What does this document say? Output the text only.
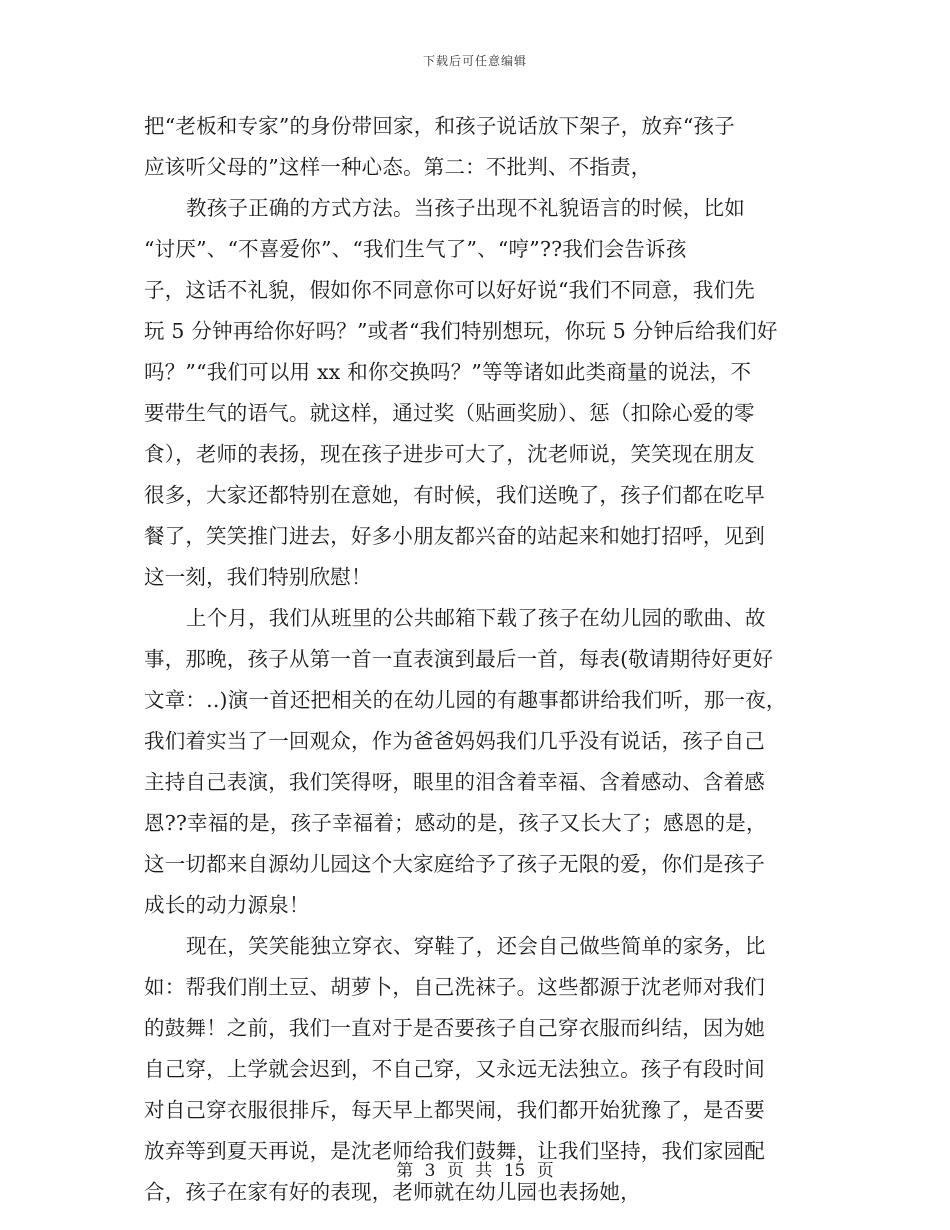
下载后可任意编辑
把“老板和专家”的身份带回家，和孩子说话放下架子，放弃“孩子
应该听父母的”这样一种心态。第二：不批判、不指责，
教孩子正确的方式方法。当孩子出现不礼貌语言的时候，比如
“讨厌”、“不喜爱你”、“我们生气了”、“哼”??我们会告诉孩
子，这话不礼貌，假如你不同意你可以好好说“我们不同意，我们先
玩 5 分钟再给你好吗？”或者“我们特别想玩，你玩 5 分钟后给我们好
吗？”“我们可以用 xx 和你交换吗？”等等诸如此类商量的说法，不
要带生气的语气。就这样，通过奖（贴画奖励）、惩（扣除心爱的零
食），老师的表扬，现在孩子进步可大了，沈老师说，笑笑现在朋友
很多，大家还都特别在意她，有时候，我们送晚了，孩子们都在吃早
餐了，笑笑推门进去，好多小朋友都兴奋的站起来和她打招呼，见到
这一刻，我们特别欣慰！
上个月，我们从班里的公共邮箱下载了孩子在幼儿园的歌曲、故
事，那晚，孩子从第一首一直表演到最后一首，每表(敬请期待好更好
文章：..)演一首还把相关的在幼儿园的有趣事都讲给我们听，那一夜，
我们着实当了一回观众，作为爸爸妈妈我们几乎没有说话，孩子自己
主持自己表演，我们笑得呀，眼里的泪含着幸福、含着感动、含着感
恩??幸福的是，孩子幸福着；感动的是，孩子又长大了；感恩的是，
这一切都来自源幼儿园这个大家庭给予了孩子无限的爱，你们是孩子
成长的动力源泉！
现在，笑笑能独立穿衣、穿鞋了，还会自己做些简单的家务，比
如：帮我们削土豆、胡萝卜，自己洗袜子。这些都源于沈老师对我们
的鼓舞！之前，我们一直对于是否要孩子自己穿衣服而纠结，因为她
自己穿，上学就会迟到，不自己穿，又永远无法独立。孩子有段时间
对自己穿衣服很排斥，每天早上都哭闹，我们都开始犹豫了，是否要
放弃等到夏天再说，是沈老师给我们鼓舞，让我们坚持，我们家园配
合，孩子在家有好的表现，老师就在幼儿园也表扬她，
第 3 页 共 15 页
